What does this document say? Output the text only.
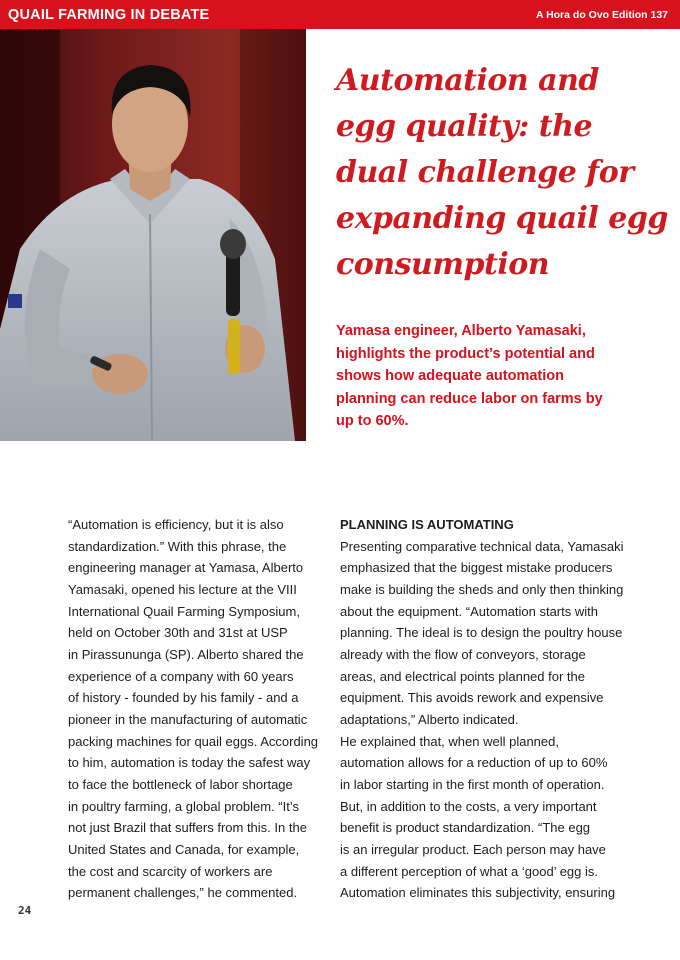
QUAIL FARMING IN DEBATE	A Hora do Ovo Edition 137
Automation and
egg quality: the
dual challenge for
expanding quail egg
consumption

Yamasa engineer, Alberto Yamasaki,
highlights the product’s potential and
shows how adequate automation
planning can reduce labor on farms by
up to 60%.

“Automation is efficiency, but it is also
standardization.” With this phrase, the
engineering manager at Yamasa, Alberto
Yamasaki, opened his lecture at the VIII
International Quail Farming Symposium,
held on October 30th and 31st at USP
in Pirassununga (SP). Alberto shared the
experience of a company with 60 years
of history - founded by his family - and a
pioneer in the manufacturing of automatic
packing machines for quail eggs. According
to him, automation is today the safest way
to face the bottleneck of labor shortage
in poultry farming, a global problem. “It’s
not just Brazil that suffers from this. In the
United States and Canada, for example,
the cost and scarcity of workers are
permanent challenges,” he commented.
PLANNING IS AUTOMATING
Presenting comparative technical data, Yamasaki
emphasized that the biggest mistake producers
make is building the sheds and only then thinking
about the equipment. “Automation starts with
planning. The ideal is to design the poultry house
already with the flow of conveyors, storage
areas, and electrical points planned for the
equipment. This avoids rework and expensive
adaptations,” Alberto indicated.
He explained that, when well planned,
automation allows for a reduction of up to 60%
in labor starting in the first month of operation.
But, in addition to the costs, a very important
benefit is product standardization. “The egg
is an irregular product. Each person may have
a different perception of what a ‘good’ egg is.
Automation eliminates this subjectivity, ensuring
24
